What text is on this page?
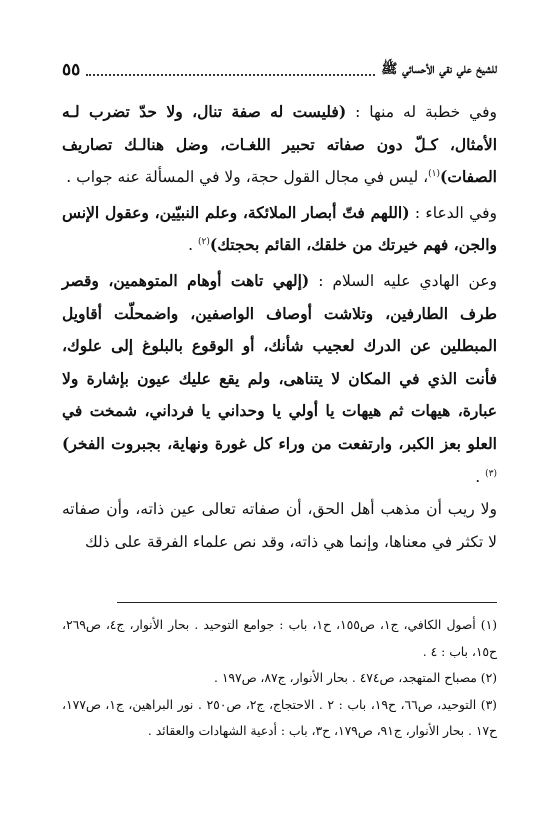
للشيخ علي نقي الأحسائي ﷺ
٥٥

وفي خطبة له منها : (فليست له صفة تنال، ولا حدّ تضرب لـه الأمثال، كـلّ دون صفاته تحبير اللغـات، وضل هنالـك تصاريف الصفات)$^{(١)}$، ليس في مجال القول حجة، ولا في المسألة عنه جواب .

وفي الدعاء : (اللهم فتّ أبصار الملائكة، وعلم النبيّين، وعقول الإنس والجن، فهم خيرتك من خلقك، القائم بحجتك)$^{(٢)}$ .

وعن الهادي عليه السلام : (إلهي تاهت أوهام المتوهمين، وقصر طرف الطارفين، وتلاشت أوصاف الواصفين، واضمحلّت أقاويل المبطلين عن الدرك لعجيب شأنك، أو الوقوع بالبلوغ إلى علوك، فأنت الذي في المكان لا يتناهى، ولم يقع عليك عيون بإشارة ولا عبارة، هيهات ثم هيهات يا أولي يا وحداني يا فرداني، شمخت في العلو بعز الكبر، وارتفعت من وراء كل غورة ونهاية، بجبروت الفخر)$^{(٣)}$ .

ولا ريب أن مذهب أهل الحق، أن صفاته تعالى عين ذاته، وأن صفاته لا تكثر في معناها، وإنما هي ذاته، وقد نص علماء الفرقة على ذلك

(١) أصول الكافي، ج١، ص١٥٥، ح١، باب : جوامع التوحيد . بحار الأنوار، ج٤، ص٢٦٩، ح١٥، باب : ٤ .

(٢) مصباح المتهجد، ص٤٧٤ . بحار الأنوار، ج٨٧، ص١٩٧ .

(٣) التوحيد، ص٦٦، ح١٩، باب : ٢ . الاحتجاج، ج٢، ص٢٥٠ . نور البراهين، ج١، ص١٧٧، ح١٧ . بحار الأنوار، ج٩١، ص١٧٩، ح٣، باب : أدعية الشهادات والعقائد .
